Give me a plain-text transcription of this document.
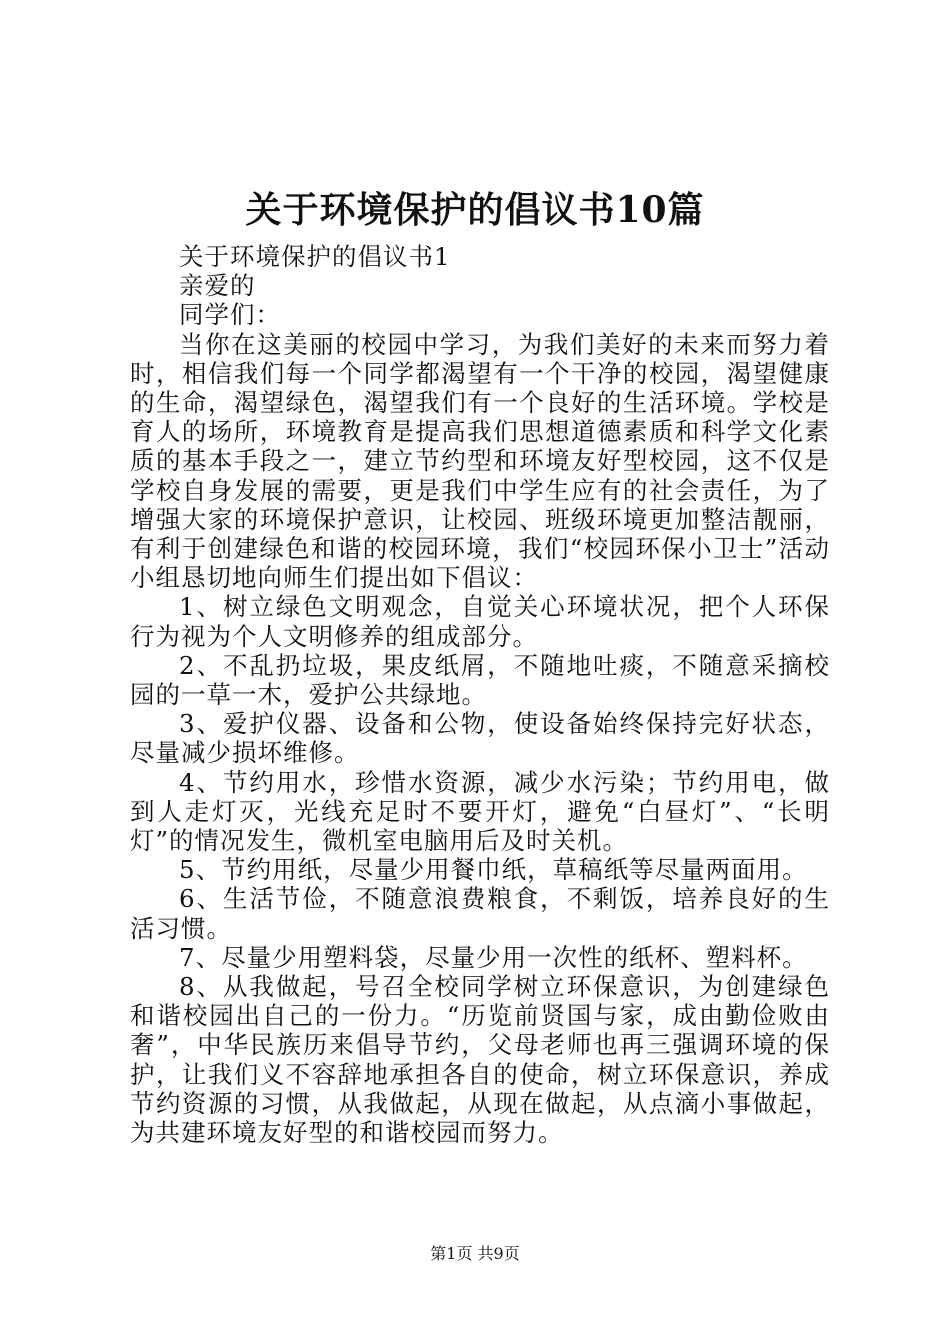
关于环境保护的倡议书10篇

关于环境保护的倡议书1

亲爱的

同学们：

当你在这美丽的校园中学习，为我们美好的未来而努力着时，相信我们每一个同学都渴望有一个干净的校园，渴望健康的生命，渴望绿色，渴望我们有一个良好的生活环境。学校是育人的场所，环境教育是提高我们思想道德素质和科学文化素质的基本手段之一，建立节约型和环境友好型校园，这不仅是学校自身发展的需要，更是我们中学生应有的社会责任，为了增强大家的环境保护意识，让校园、班级环境更加整洁靓丽，有利于创建绿色和谐的校园环境，我们“校园环保小卫士”活动小组恳切地向师生们提出如下倡议：

1、树立绿色文明观念，自觉关心环境状况，把个人环保行为视为个人文明修养的组成部分。

2、不乱扔垃圾，果皮纸屑，不随地吐痰，不随意采摘校园的一草一木，爱护公共绿地。

3、爱护仪器、设备和公物，使设备始终保持完好状态，尽量减少损坏维修。

4、节约用水，珍惜水资源，减少水污染；节约用电，做到人走灯灭，光线充足时不要开灯，避免“白昼灯”、“长明灯”的情况发生，微机室电脑用后及时关机。

5、节约用纸，尽量少用餐巾纸，草稿纸等尽量两面用。

6、生活节俭，不随意浪费粮食，不剩饭，培养良好的生活习惯。

7、尽量少用塑料袋，尽量少用一次性的纸杯、塑料杯。

8、从我做起，号召全校同学树立环保意识，为创建绿色和谐校园出自己的一份力。“历览前贤国与家，成由勤俭败由奢”，中华民族历来倡导节约，父母老师也再三强调环境的保护，让我们义不容辞地承担各自的使命，树立环保意识，养成节约资源的习惯，从我做起，从现在做起，从点滴小事做起，为共建环境友好型的和谐校园而努力。

第1页 共9页
